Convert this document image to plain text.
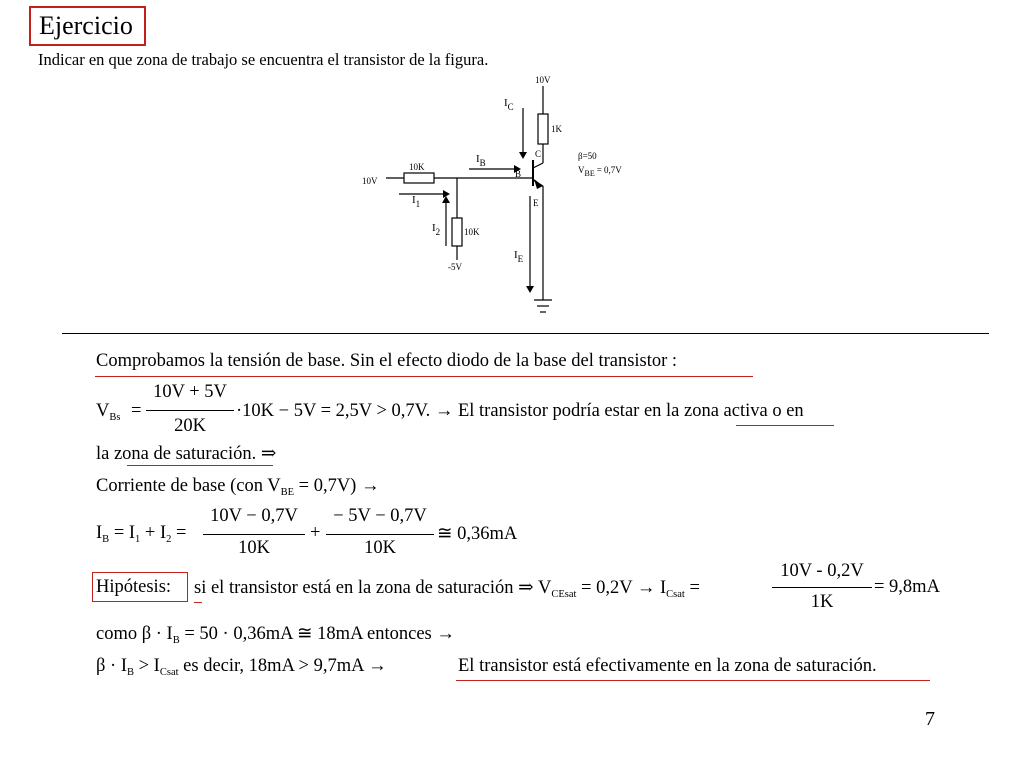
Ejercicio
Indicar en que zona de trabajo se encuentra el transistor de la figura.
10V
1K
C	β=50
VBE = 0,7V
10V
10K
B
10K
-5V
E
$I_C$
$I_B$
$I_1$
$I_2$
$I_E$
Comprobamos la tensión de base. Sin el efecto diodo de la base del transistor :
$V_{Bs}$ =
10V + 5V
20K
·10K − 5V = 2,5V > 0,7V. → El transistor podría estar en la zona activa o en
la zona de saturación. ⇒
Corriente de base (con $V_{BE} = 0,7V$) →
$I_B = I_1 + I_2$ =
10V − 0,7V
10K
+
− 5V − 0,7V
10K
≅ 0,36mA
Hipótesis: si el transistor está en la zona de saturación ⇒ $V_{CEsat} = 0,2V \to I_{Csat}$ =
10V - 0,2V
1K
= 9,8mA
como $\beta \cdot I_B = 50 \cdot 0,36mA$ ≅ 18mA entonces →
$\beta \cdot I_B > I_{Csat}$ es decir, 18mA > 9,7mA →	El transistor está efectivamente en la zona de saturación.
7
